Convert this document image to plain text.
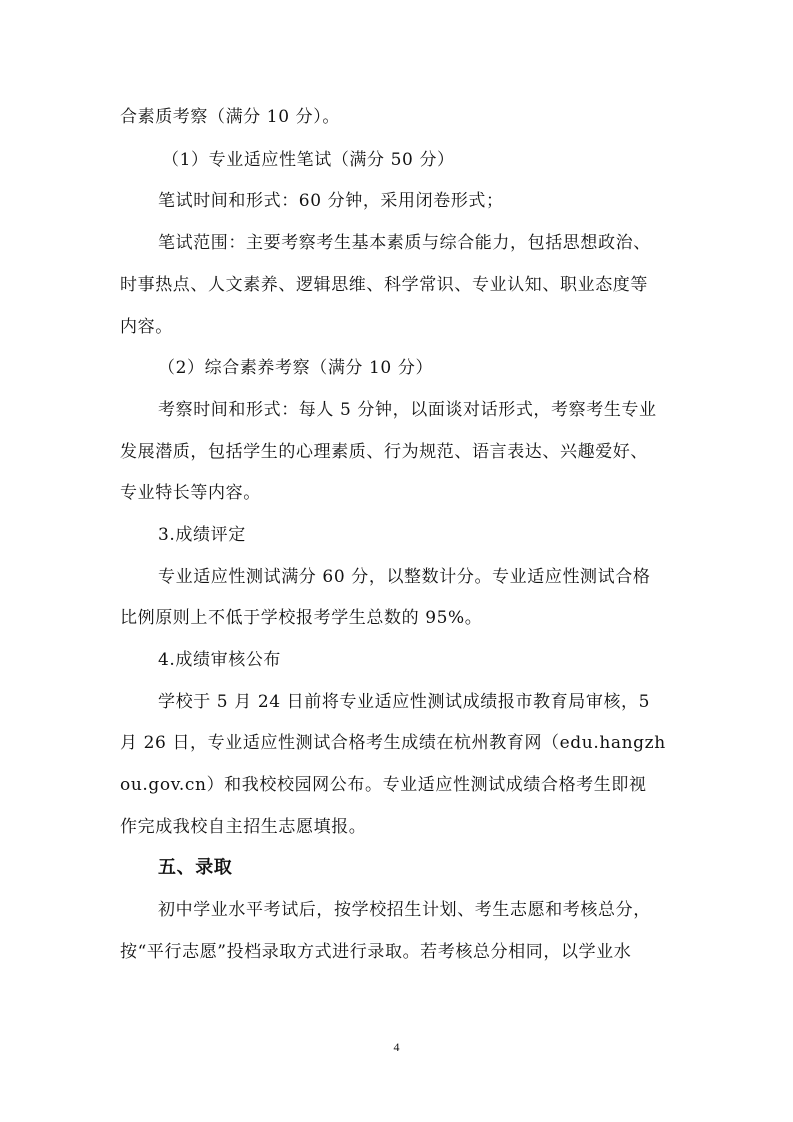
合素质考察（满分 10 分）。
（1）专业适应性笔试（满分 50 分）
笔试时间和形式：60 分钟，采用闭卷形式；
笔试范围：主要考察考生基本素质与综合能力，包括思想政治、
时事热点、人文素养、逻辑思维、科学常识、专业认知、职业态度等
内容。
（2）综合素养考察（满分 10 分）
考察时间和形式：每人 5 分钟，以面谈对话形式，考察考生专业
发展潜质，包括学生的心理素质、行为规范、语言表达、兴趣爱好、
专业特长等内容。
3.成绩评定
专业适应性测试满分 60 分，以整数计分。专业适应性测试合格
比例原则上不低于学校报考学生总数的 95%。
4.成绩审核公布
学校于 5 月 24 日前将专业适应性测试成绩报市教育局审核，5
月 26 日，专业适应性测试合格考生成绩在杭州教育网（edu.hangzh
ou.gov.cn）和我校校园网公布。专业适应性测试成绩合格考生即视
作完成我校自主招生志愿填报。
五、录取
初中学业水平考试后，按学校招生计划、考生志愿和考核总分，
按“平行志愿”投档录取方式进行录取。若考核总分相同，以学业水
4
